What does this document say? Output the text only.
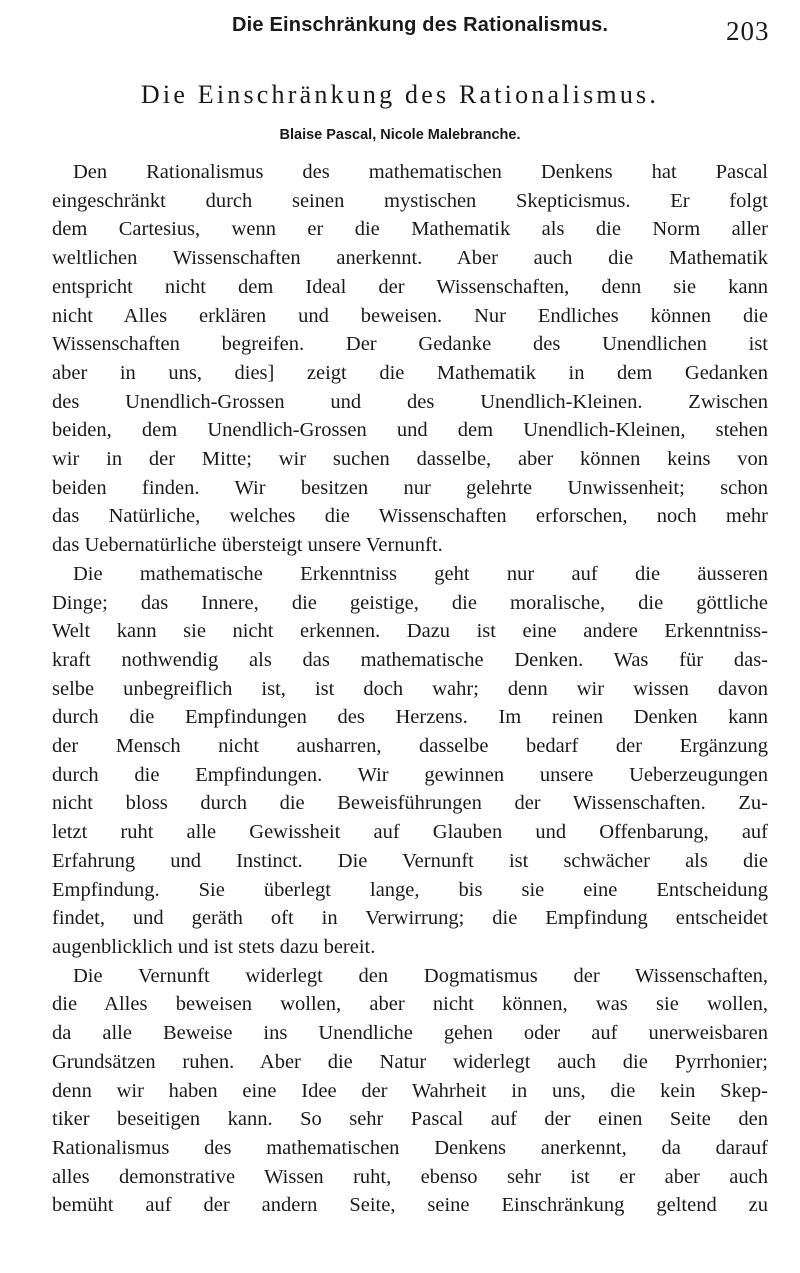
Die Einschränkung des Rationalismus.	203
Die Einschränkung des Rationalismus.
Blaise Pascal, Nicole Malebranche.
Den Rationalismus des mathematischen Denkens hat Pascal
eingeschränkt durch seinen mystischen Skepticismus. Er folgt
dem Cartesius, wenn er die Mathematik als die Norm aller
weltlichen Wissenschaften anerkennt. Aber auch die Mathematik
entspricht nicht dem Ideal der Wissenschaften, denn sie kann
nicht Alles erklären und beweisen. Nur Endliches können die
Wissenschaften begreifen. Der Gedanke des Unendlichen ist
aber in uns, dies] zeigt die Mathematik in dem Gedanken
des Unendlich-Grossen und des Unendlich-Kleinen. Zwischen
beiden, dem Unendlich-Grossen und dem Unendlich-Kleinen, stehen
wir in der Mitte; wir suchen dasselbe, aber können keins von
beiden finden. Wir besitzen nur gelehrte Unwissenheit; schon
das Natürliche, welches die Wissenschaften erforschen, noch mehr
das Uebernatürliche übersteigt unsere Vernunft.
Die mathematische Erkenntniss geht nur auf die äusseren
Dinge; das Innere, die geistige, die moralische, die göttliche
Welt kann sie nicht erkennen. Dazu ist eine andere Erkenntniss-
kraft nothwendig als das mathematische Denken. Was für das-
selbe unbegreiflich ist, ist doch wahr; denn wir wissen davon
durch die Empfindungen des Herzens. Im reinen Denken kann
der Mensch nicht ausharren, dasselbe bedarf der Ergänzung
durch die Empfindungen. Wir gewinnen unsere Ueberzeugungen
nicht bloss durch die Beweisführungen der Wissenschaften. Zu-
letzt ruht alle Gewissheit auf Glauben und Offenbarung, auf
Erfahrung und Instinct. Die Vernunft ist schwächer als die
Empfindung. Sie überlegt lange, bis sie eine Entscheidung
findet, und geräth oft in Verwirrung; die Empfindung entscheidet
augenblicklich und ist stets dazu bereit.
Die Vernunft widerlegt den Dogmatismus der Wissenschaften,
die Alles beweisen wollen, aber nicht können, was sie wollen,
da alle Beweise ins Unendliche gehen oder auf unerweisbaren
Grundsätzen ruhen. Aber die Natur widerlegt auch die Pyrrhonier;
denn wir haben eine Idee der Wahrheit in uns, die kein Skep-
tiker beseitigen kann. So sehr Pascal auf der einen Seite den
Rationalismus des mathematischen Denkens anerkennt, da darauf
alles demonstrative Wissen ruht, ebenso sehr ist er aber auch
bemüht auf der andern Seite, seine Einschränkung geltend zu
